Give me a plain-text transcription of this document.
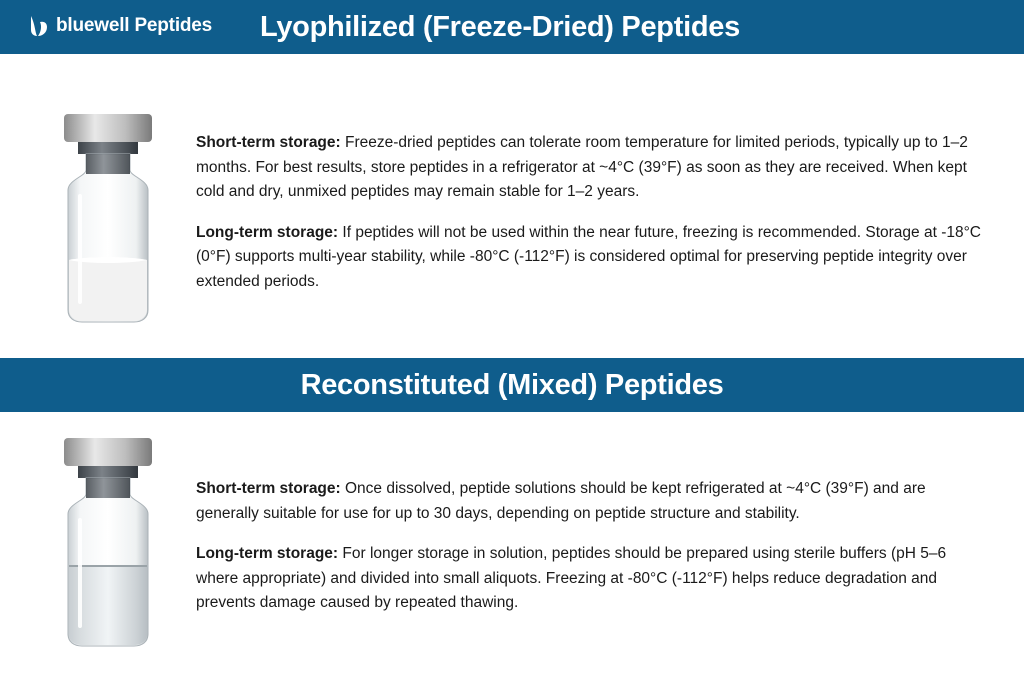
bluewell Peptides Lyophilized (Freeze-Dried) Peptides

Short-term storage: Freeze-dried peptides can tolerate room temperature for limited periods, typically up to 1–2 months. For best results, store peptides in a refrigerator at ~4°C (39°F) as soon as they are received. When kept cold and dry, unmixed peptides may remain stable for 1–2 years.

Long-term storage: If peptides will not be used within the near future, freezing is recommended. Storage at -18°C (0°F) supports multi-year stability, while -80°C (-112°F) is considered optimal for preserving peptide integrity over extended periods.

Reconstituted (Mixed) Peptides

Short-term storage: Once dissolved, peptide solutions should be kept refrigerated at ~4°C (39°F) and are generally suitable for use for up to 30 days, depending on peptide structure and stability.

Long-term storage: For longer storage in solution, peptides should be prepared using sterile buffers (pH 5–6 where appropriate) and divided into small aliquots. Freezing at -80°C (-112°F) helps reduce degradation and prevents damage caused by repeated thawing.
